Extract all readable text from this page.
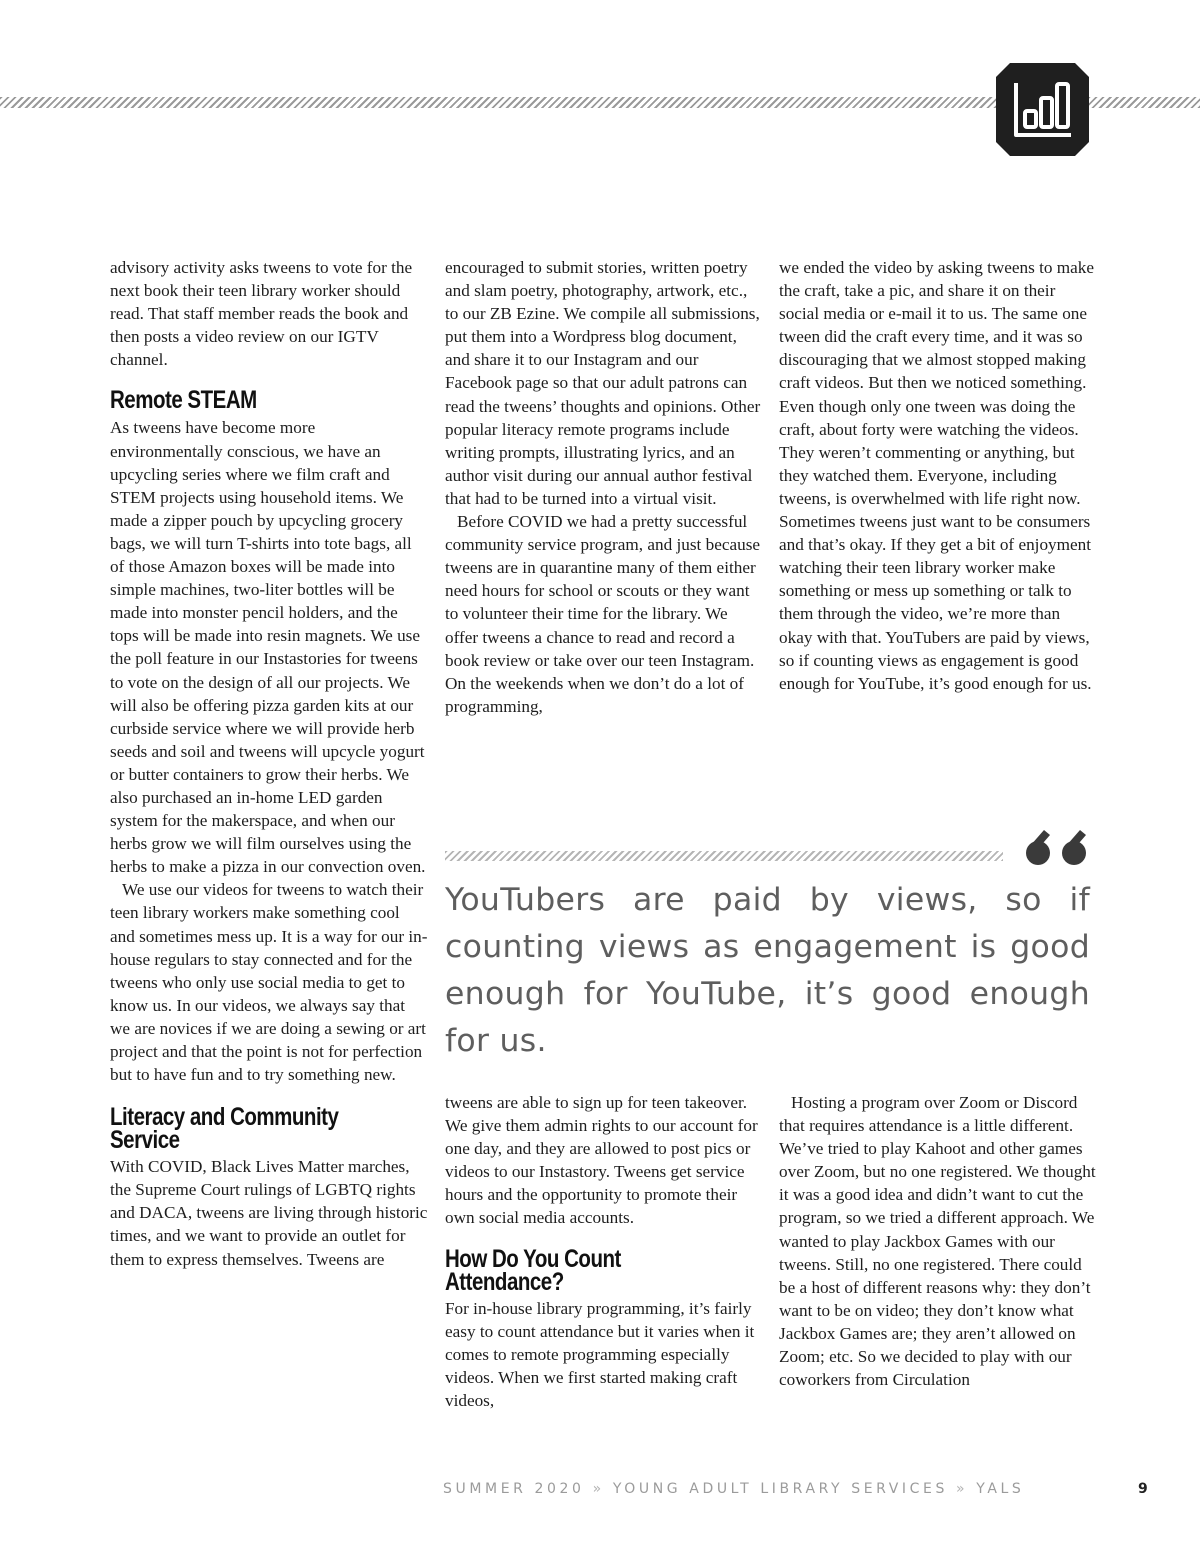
advisory activity asks tweens to vote for the next book their teen library worker should read. That staff member reads the book and then posts a video review on our IGTV channel.

Remote STEAM

As tweens have become more environmentally conscious, we have an upcycling series where we film craft and STEM projects using household items. We made a zipper pouch by upcycling grocery bags, we will turn T-shirts into tote bags, all of those Amazon boxes will be made into simple machines, two-liter bottles will be made into monster pencil holders, and the tops will be made into resin magnets. We use the poll feature in our Instastories for tweens to vote on the design of all our projects. We will also be offering pizza garden kits at our curbside service where we will provide herb seeds and soil and tweens will upcycle yogurt or butter containers to grow their herbs. We also purchased an in-home LED garden system for the makerspace, and when our herbs grow we will film ourselves using the herbs to make a pizza in our convection oven.

We use our videos for tweens to watch their teen library workers make something cool and sometimes mess up. It is a way for our in-house regulars to stay connected and for the tweens who only use social media to get to know us. In our videos, we always say that we are novices if we are doing a sewing or art project and that the point is not for perfection but to have fun and to try something new.

Literacy and Community
Service

With COVID, Black Lives Matter marches, the Supreme Court rulings of LGBTQ rights and DACA, tweens are living through historic times, and we want to provide an outlet for them to express themselves. Tweens are

encouraged to submit stories, written poetry and slam poetry, photography, artwork, etc., to our ZB Ezine. We compile all submissions, put them into a Wordpress blog document, and share it to our Instagram and our Facebook page so that our adult patrons can read the tweens’ thoughts and opinions. Other popular literacy remote programs include writing prompts, illustrating lyrics, and an author visit during our annual author festival that had to be turned into a virtual visit.

Before COVID we had a pretty successful community service program, and just because tweens are in quarantine many of them either need hours for school or scouts or they want to volunteer their time for the library. We offer tweens a chance to read and record a book review or take over our teen Instagram. On the weekends when we don’t do a lot of programming,

we ended the video by asking tweens to make the craft, take a pic, and share it on their social media or e-mail it to us. The same one tween did the craft every time, and it was so discouraging that we almost stopped making craft videos. But then we noticed something. Even though only one tween was doing the craft, about forty were watching the videos. They weren’t commenting or anything, but they watched them. Everyone, including tweens, is overwhelmed with life right now. Sometimes tweens just want to be consumers and that’s okay. If they get a bit of enjoyment watching their teen library worker make something or mess up something or talk to them through the video, we’re more than okay with that. YouTubers are paid by views, so if counting views as engagement is good enough for YouTube, it’s good enough for us.

YouTubers are paid by views, so if counting views as engagement is good enough for YouTube, it’s good enough for us.

tweens are able to sign up for teen takeover. We give them admin rights to our account for one day, and they are allowed to post pics or videos to our Instastory. Tweens get service hours and the opportunity to promote their own social media accounts.

How Do You Count
Attendance?

For in-house library programming, it’s fairly easy to count attendance but it varies when it comes to remote programming especially videos. When we first started making craft videos,

Hosting a program over Zoom or Discord that requires attendance is a little different. We’ve tried to play Kahoot and other games over Zoom, but no one registered. We thought it was a good idea and didn’t want to cut the program, so we tried a different approach. We wanted to play Jackbox Games with our tweens. Still, no one registered. There could be a host of different reasons why: they don’t want to be on video; they don’t know what Jackbox Games are; they aren’t allowed on Zoom; etc. So we decided to play with our coworkers from Circulation

SUMMER 2020 » YOUNG ADULT LIBRARY SERVICES » YALS	9
